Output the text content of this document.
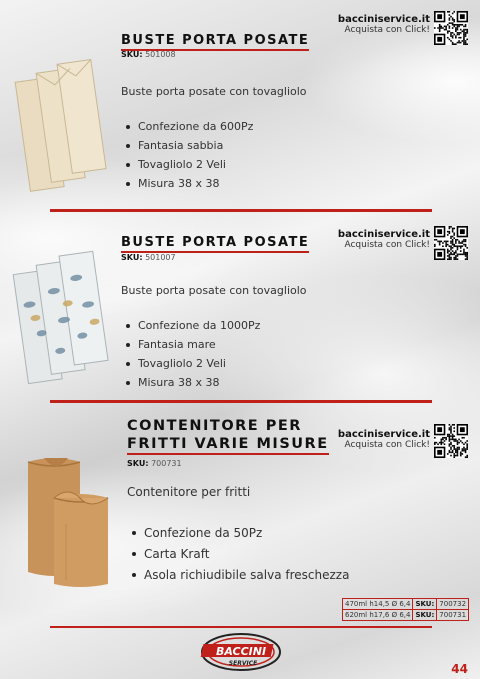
BUSTE PORTA POSATE
SKU: 501008
Buste porta posate con tovagliolo
Confezione da 600Pz
Fantasia sabbia
Tovagliolo 2 Veli
Misura 38 x 38
bacciniservice.it
Acquista con Click!
BUSTE PORTA POSATE
SKU: 501007
Buste porta posate con tovagliolo
Confezione da 1000Pz
Fantasia mare
Tovagliolo 2 Veli
Misura 38 x 38
bacciniservice.it
Acquista con Click!
CONTENITORE PER
FRITTI VARIE MISURE
SKU: 700731
Contenitore per fritti
Confezione da 50Pz
Carta Kraft
Asola richiudibile salva freschezza
bacciniservice.it
Acquista con Click!
470ml h14,5 Ø 6,4	SKU:	700732
620ml h17,6 Ø 6,4	SKU:	700731
BACCINI
SERVICE	44
